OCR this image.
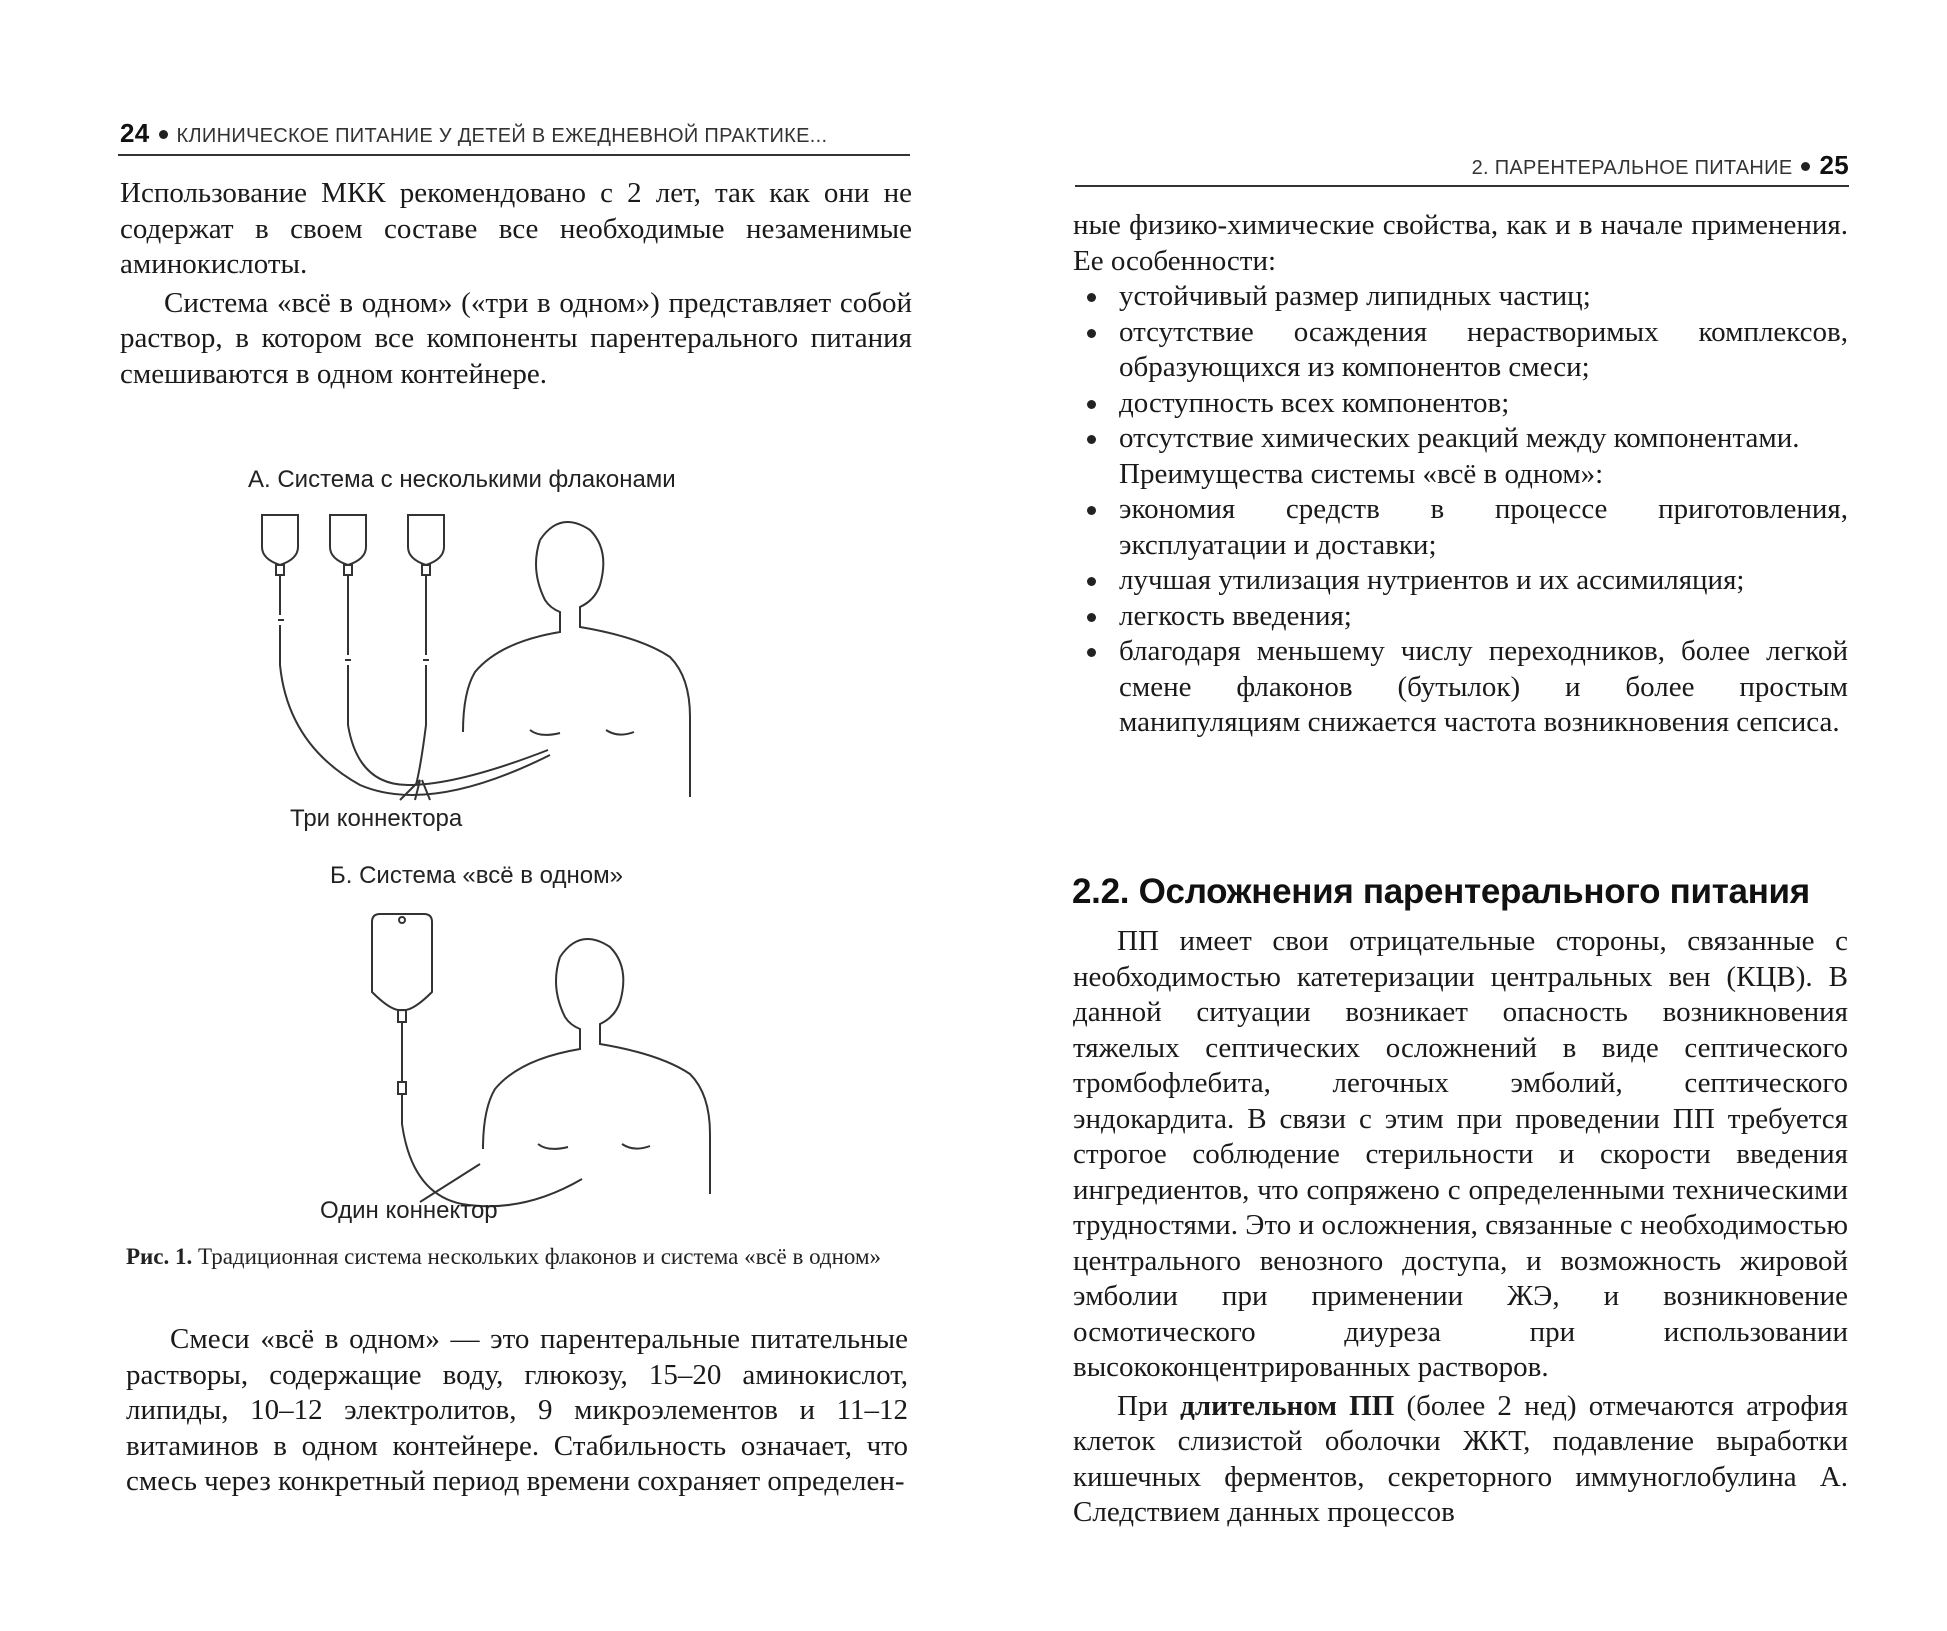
24 КЛИНИЧЕСКОЕ ПИТАНИЕ У ДЕТЕЙ В ЕЖЕДНЕВНОЙ ПРАКТИКЕ...

Использование МКК рекомендовано с 2 лет, так как они не содержат в своем составе все необходимые незаменимые аминокислоты.

Система «всё в одном» («три в одном») представляет собой раствор, в котором все компоненты парентерального питания смешиваются в одном контейнере.

А. Система с несколькими флаконами
Три коннектора
Б. Система «всё в одном»
Один коннектор
Рис. 1. Традиционная система нескольких флаконов и система «всё в одном»

Смеси «всё в одном» — это парентеральные питательные растворы, содержащие воду, глюкозу, 15–20 аминокислот, липиды, 10–12 электролитов, 9 микроэлементов и 11–12 витаминов в одном контейнере. Стабильность означает, что смесь через конкретный период времени сохраняет определен-

2. ПАРЕНТЕРАЛЬНОЕ ПИТАНИЕ 25

ные физико-химические свойства, как и в начале применения. Ее особенности:

устойчивый размер липидных частиц;
отсутствие осаждения нерастворимых комплексов, образующихся из компонентов смеси;
доступность всех компонентов;
отсутствие химических реакций между компонентами.

Преимущества системы «всё в одном»:

экономия средств в процессе приготовления, эксплуатации и доставки;
лучшая утилизация нутриентов и их ассимиляция;
легкость введения;
благодаря меньшему числу переходников, более легкой смене флаконов (бутылок) и более простым манипуляциям снижается частота возникновения сепсиса.
2.2. Осложнения парентерального питания

ПП имеет свои отрицательные стороны, связанные с необходимостью катетеризации центральных вен (КЦВ). В данной ситуации возникает опасность возникновения тяжелых септических осложнений в виде септического тромбофлебита, легочных эмболий, септического эндокардита. В связи с этим при проведении ПП требуется строгое соблюдение стерильности и скорости введения ингредиентов, что сопряжено с определенными техническими трудностями. Это и осложнения, связанные с необходимостью центрального венозного доступа, и возможность жировой эмболии при применении ЖЭ, и возникновение осмотического диуреза при использовании высококонцентрированных растворов.

При длительном ПП (более 2 нед) отмечаются атрофия клеток слизистой оболочки ЖКТ, подавление выработки кишечных ферментов, секреторного иммуноглобулина А. Следствием данных процессов
